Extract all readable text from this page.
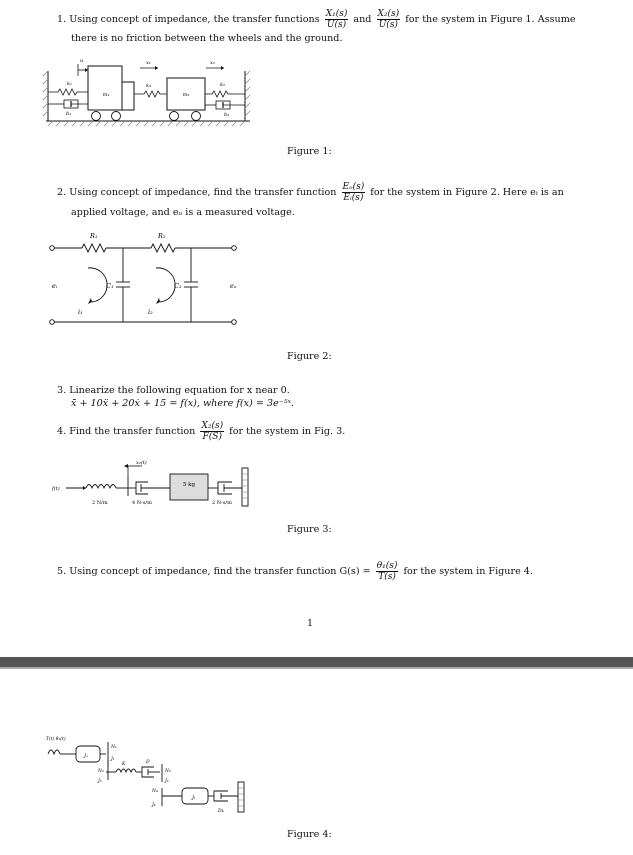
1. Using concept of impedance, the transfer functions $\frac{\text{X₁(s)}}{U(s)}$ and $\frac{\text{X₂(s)}}{U(s)}$ for the system in Figure 1. Assume
there is no friction between the wheels and the ground.
m₁	m₂
k₁
b₁
k₃	k₂
b₂
u	x₁	x₂
Figure 1:
2. Using concept of impedance, find the transfer function $\frac{\text{Eₒ(s)}}{\text{Eᵢ(s)}}$ for the system in Figure 2. Here eᵢ is an
applied voltage, and eₒ is a measured voltage.
R₁	R₂
C₁	C₂
eᵢ	eₒ
i₁	i₂
Figure 2:
3. Linearize the following equation for x near 0.
ẋ̈ + 10ẍ + 20ẋ + 15 = f(x), where f(x) = 3e⁻⁵ˣ.
4. Find the transfer function $\frac{\text{X₂(s)}}{F(S)}$ for the system in Fig. 3.
f(t)
x₂(t)
5 kg
2 N/m	4 N-s/m	2 N-s/m
Figure 3:
5. Using concept of impedance, find the transfer function $G(s) = \frac{\text{θ₁(s)}}{T(s)}$ for the system in Figure 4.
1
T(t) θ₁(t)
Jₐ
N₁
J₁
N₂
J₂
K	D
N₃
J₃
N₄
J₄
Jₗ
Dʟ
Figure 4:
